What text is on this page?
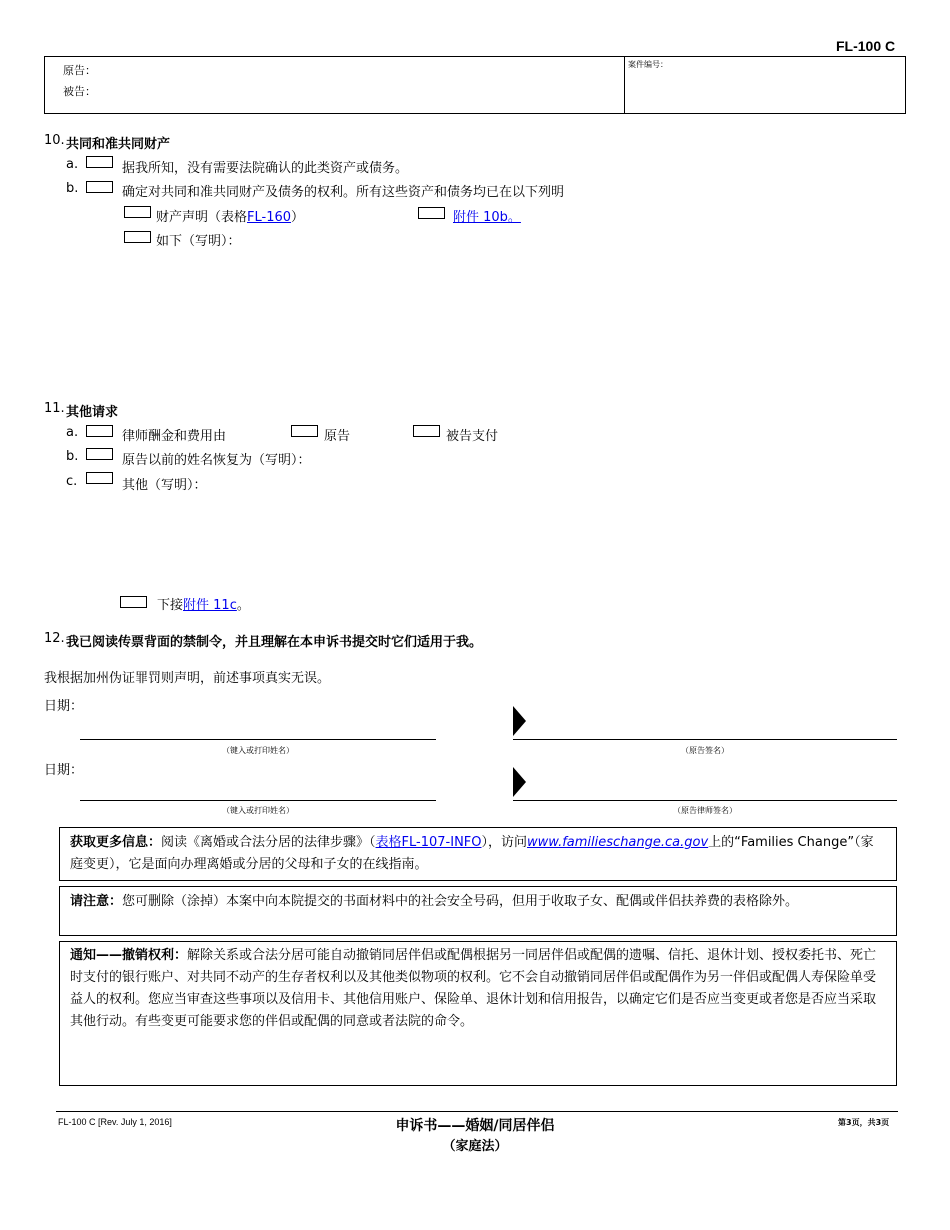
FL-100 C
原告：
被告：
案件编号：
10. 共同和准共同财产
a.	据我所知，没有需要法院确认的此类资产或债务。
b.	确定对共同和准共同财产及债务的权利。所有这些资产和债务均已在以下列明
财产声明（表格FL-160）	附件 10b。
如下（写明）：
11. 其他请求
a.	律师酬金和费用由	原告	被告支付
b.	原告以前的姓名恢复为（写明）：
c.	其他（写明）：
下接附件 11c。
12. 我已阅读传票背面的禁制令，并且理解在本申诉书提交时它们适用于我。
我根据加州伪证罪罚则声明，前述事项真实无误。
日期：
（键入或打印姓名）	（原告签名）
日期：
（键入或打印姓名）	（原告律师签名）
获取更多信息：阅读《离婚或合法分居的法律步骤》（表格FL-107-INFO），访问www.familieschange.ca.gov上的“Families Change”（家庭变更），它是面向办理离婚或分居的父母和子女的在线指南。
请注意：您可删除（涂掉）本案中向本院提交的书面材料中的社会安全号码，但用于收取子女、配偶或伴侣扶养费的表格除外。
通知——撤销权利：解除关系或合法分居可能自动撤销同居伴侣或配偶根据另一同居伴侣或配偶的遗嘱、信托、退休计划、授权委托书、死亡时支付的银行账户、对共同不动产的生存者权利以及其他类似物项的权利。它不会自动撤销同居伴侣或配偶作为另一伴侣或配偶人寿保险单受益人的权利。您应当审查这些事项以及信用卡、其他信用账户、保险单、退休计划和信用报告，以确定它们是否应当变更或者您是否应当采取其他行动。有些变更可能要求您的伴侣或配偶的同意或者法院的命令。
FL-100 C [Rev. July 1, 2016]	申诉书——婚姻/同居伴侣
（家庭法）
第3页，共3页
